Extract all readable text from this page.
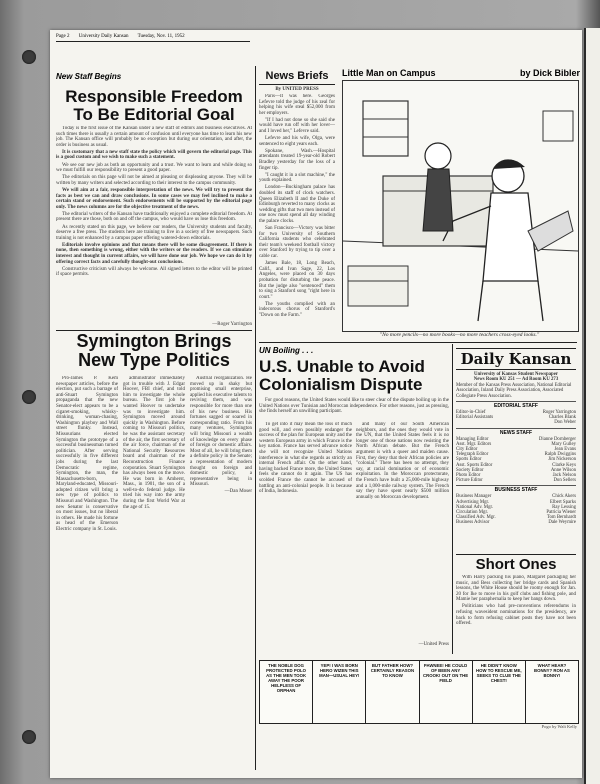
Page 2 University Daily Kansan Tuesday, Nov. 11, 1952
New Staff Begins
Responsible Freedom To Be Editorial Goal

Today is the first issue of the Kansan under a new staff of editors and business executives. At such times there is usually a certain amount of confusion until everyone has time to learn his new job. The Kansan office will probably be no exception but during our orientation, and after, the order is business as usual.

It is customary that a new staff state the policy which will govern the editorial page. This is a good custom and we wish to make such a statement.

We see our new job as both an opportunity and a trust. We want to learn and while doing so we must fulfill our responsibility to present a good paper.

The editorials on this page will not be aimed at pleasing or displeasing anyone. They will be written by many writers and selected according to their interest to the campus community.

We will aim at a fair, responsible interpretation of the news. We will try to present the facts as best we can and draw conclusions. In some cases we may feel inclined to make a certain stand or endorsement. Such endorsements will be supported by the editorial page only. The news columns are for the objective treatment of the news.

The editorial writers of the Kansan have traditionally enjoyed a complete editorial freedom. At present there are those, both on and off the campus, who would have us lose this freedom.

As recently stated on this page, we believe our readers, the University students and faculty, deserve a free press. The students here are training to live in a society of free newspapers. Such training is not enhanced by a campus paper offering watered-down editorials.

Editorials involve opinions and that means there will be some disagreement. If there is none, then something is wrong, either with the writers or the readers. If we can stimulate interest and thought in current affairs, we will have done our job. We hope we can do it by offering correct facts and carefully thought-out conclusions.

Constructive criticism will always be welcome. All signed letters to the editor will be printed if space permits.

—Roger Yarrington
Symington Brings New Type Politics

Pro-James P. Kem newspaper articles, before the election, put such a barrage of anti-Stuart Symington propaganda that the new Senator-elect appears to be a cigaret-smoking, whisky-drinking, woman-chasing, Washington playboy and Wall street flunky. Instead, Missourians elected Symington the prototype of a successful businessman turned politician. After serving successfully in five different jobs during the last Democratic regime, Symington, the man, the Massachusetts-born, Maryland-educated, Missouri-adopted citizen will bring a new type of politics to Missouri and Washington. The new Senator is conservative on most issues, but no liberal in others. He made his fortune as head of the Emerson Electric company in St. Louis.

administrator immediately got in trouble with J. Edgar Hoover, FBI chief, and told him to investigate the whole bureau. The first job he wanted Hoover to undertake was to investigate him. Symington moved around quickly in Washington. Before coming to Missouri politics, he was the assistant secretary of the air, the first secretary of the air force, chairman of the National Security Resources board and chairman of the Reconstruction Finance corporation. Stuart Symington has always been on the move. He was born in Amherst, Mass., in 1901, the son of a well-to-do federal judge. He tried his way into the army during the first World War at the age of 15.

Austrial reorganization. He moved up in shaky but promising small enterprise, applied his executive talents to reviving them, and was responsible for more than one of his new business. His fortunes sagged or soared in corresponding ratio. From his many ventures, Symington will bring Missouri a wealth of knowledge on every phase of foreign or domestic affairs. Most of all, he will bring them a definite policy in the Senate; a representation of modern thought on foreign and domestic policy, a representative being in Missouri.

—Dan Moser

News Briefs
By UNITED PRESS

Paris—It was here. Georges Lefevre told the judge of his zeal for helping his wife steal $52,000 from her employers.

"If I had not done so she said she would have run off with her lover—and I loved her," Lefevre said.

Lefevre and his wife, Olga, were sentenced to eight years each.

Spokane, Wash.—Hospital attendants treated 19-year-old Robert Bradley yesterday for the loss of a finger tip.

"I caught it in a slot machine," the youth explained.

London—Buckingham palace has doubled its staff of clock watchers. Queen Elizabeth II and the Duke of Edinburgh reverted to many clocks as wedding gifts that two men instead of one now must spend all day winding the palace clocks.

San Francisco—Victory was bitter for two University of Southern California students who celebrated their team's weekend football victory over Stanford by trying to tip over a cable car.

James Bale, 18, Long Beach, Calif., and Ivan Sage, 22, Los Angeles, were placed on 30 days probation for disturbing the peace. But the judge also "sentenced" them to sing a Stanford song "right here in court."

The youths complied with an indecorous chorus of Stanford's "Down on the Farm."

Little Man on Campus	by Dick Bibler
"No more pencils—no more books—no more teachers cross-eyed looks."
UN Boiling . . .
U.S. Unable to Avoid Colonialism Dispute

For good reasons, the United States would like to steer clear of the dispute boiling up in the United Nations over Tunisian and Moroccan independence. For other reasons, just as pressing, she finds herself an unwilling participant.

To get into it may mean the loss of much good will, and even possibly endanger the success of the plan for European unity and the western European army in which France is the key nation. France has served advance notice she will not recognize United Nations interference in what she regards as strictly an internal French affair. On the other hand, having backed France more, the United States feels she cannot do it again. The US has scolded France the cannot be accused of battling an anti-colonial people. It is because of India, Indonesia.

and many of our South American neighbors, and the ones they would vote in the UN, that the United States feels it is no longer one of those nations now resisting the North African debate. But the French argument is with a queer and maiden cause. First, they deny that their African policies are "colonial." There has been no attempt, they say, at racial domination or of economic exploitation. In the Moroccan protectorate, the French have built a 25,000-mile highway and a 1,000-mile railway system. The French say they have spent nearly $500 million annually on Moroccan development.

—United Press
Daily Kansan
University of Kansas Student Newspaper
News Room KU 251 — Ad Room KU 273
Member of the Kansas Press Association, National Editorial Association, Inland Daily Press Association, Associated Collegiate Press Association.
EDITORIAL STAFF
Editor-in-Chief	Roger Yarrington
Editorial Assistants	Charles Blank
Don Weber
NEWS STAFF
Managing Editor	Dianne Dornberger
Asst. Mgr. Editors	Mary Gulley
City Editor	Jean Evans
Telegraph Editor	Ralph Dwiggins
Sports Editor	Jim Nickerson
Asst. Sports Editor	Clarke Keys
Society Editor	Anne Wilson
Photo Editor	Jack Nelson
Picture Editor	Don Sellers
BUSINESS STAFF
Business Manager	Chick Akers
Advertising Mgr.	Elbert Sparks
National Adv. Mgr.	Ray Lessing
Circulation Mgr.	Patricia Wiener
Classified Adv. Mgr.	Tom Bernhardt
Business Advisor	Dale Weymire
Short Ones

With Harry packing his piano, Margaret packaging her music, and Bess collecting her bridge cards and Spanish lessons, the White House should be roomy enough for Jan. 20 for Ike to move in his golf clubs and fishing pole, and Mamie her paraphernalia to keep her bangs down.

Politicians who had pre-conventions referendums in refusing wavesident nominations for the presidency, are back to form refusing cabinet posts they have not been offered.

THE NOBLE DOG PROTECTED POLO AS THE MEN TOOK AWAY THE POOR HELPLESS OF ORPHAN
YEP! I WAS BORN HERO WIZEN THIS MAN—USUAL HEY!
BUT FATHER HOW? CERTAINLY REASON TO KNOW
PAWNEE! HE COULD OF BEEN ANY CROOK! OUT ON THE FIELD
HE DIDN'T KNOW HOW TO RESCUE ME, SEEKS TO CLUE THE CHEST!
WHAT HEAR? BONNY? RON AS BONNY!
Pogo by Walt Kelly
